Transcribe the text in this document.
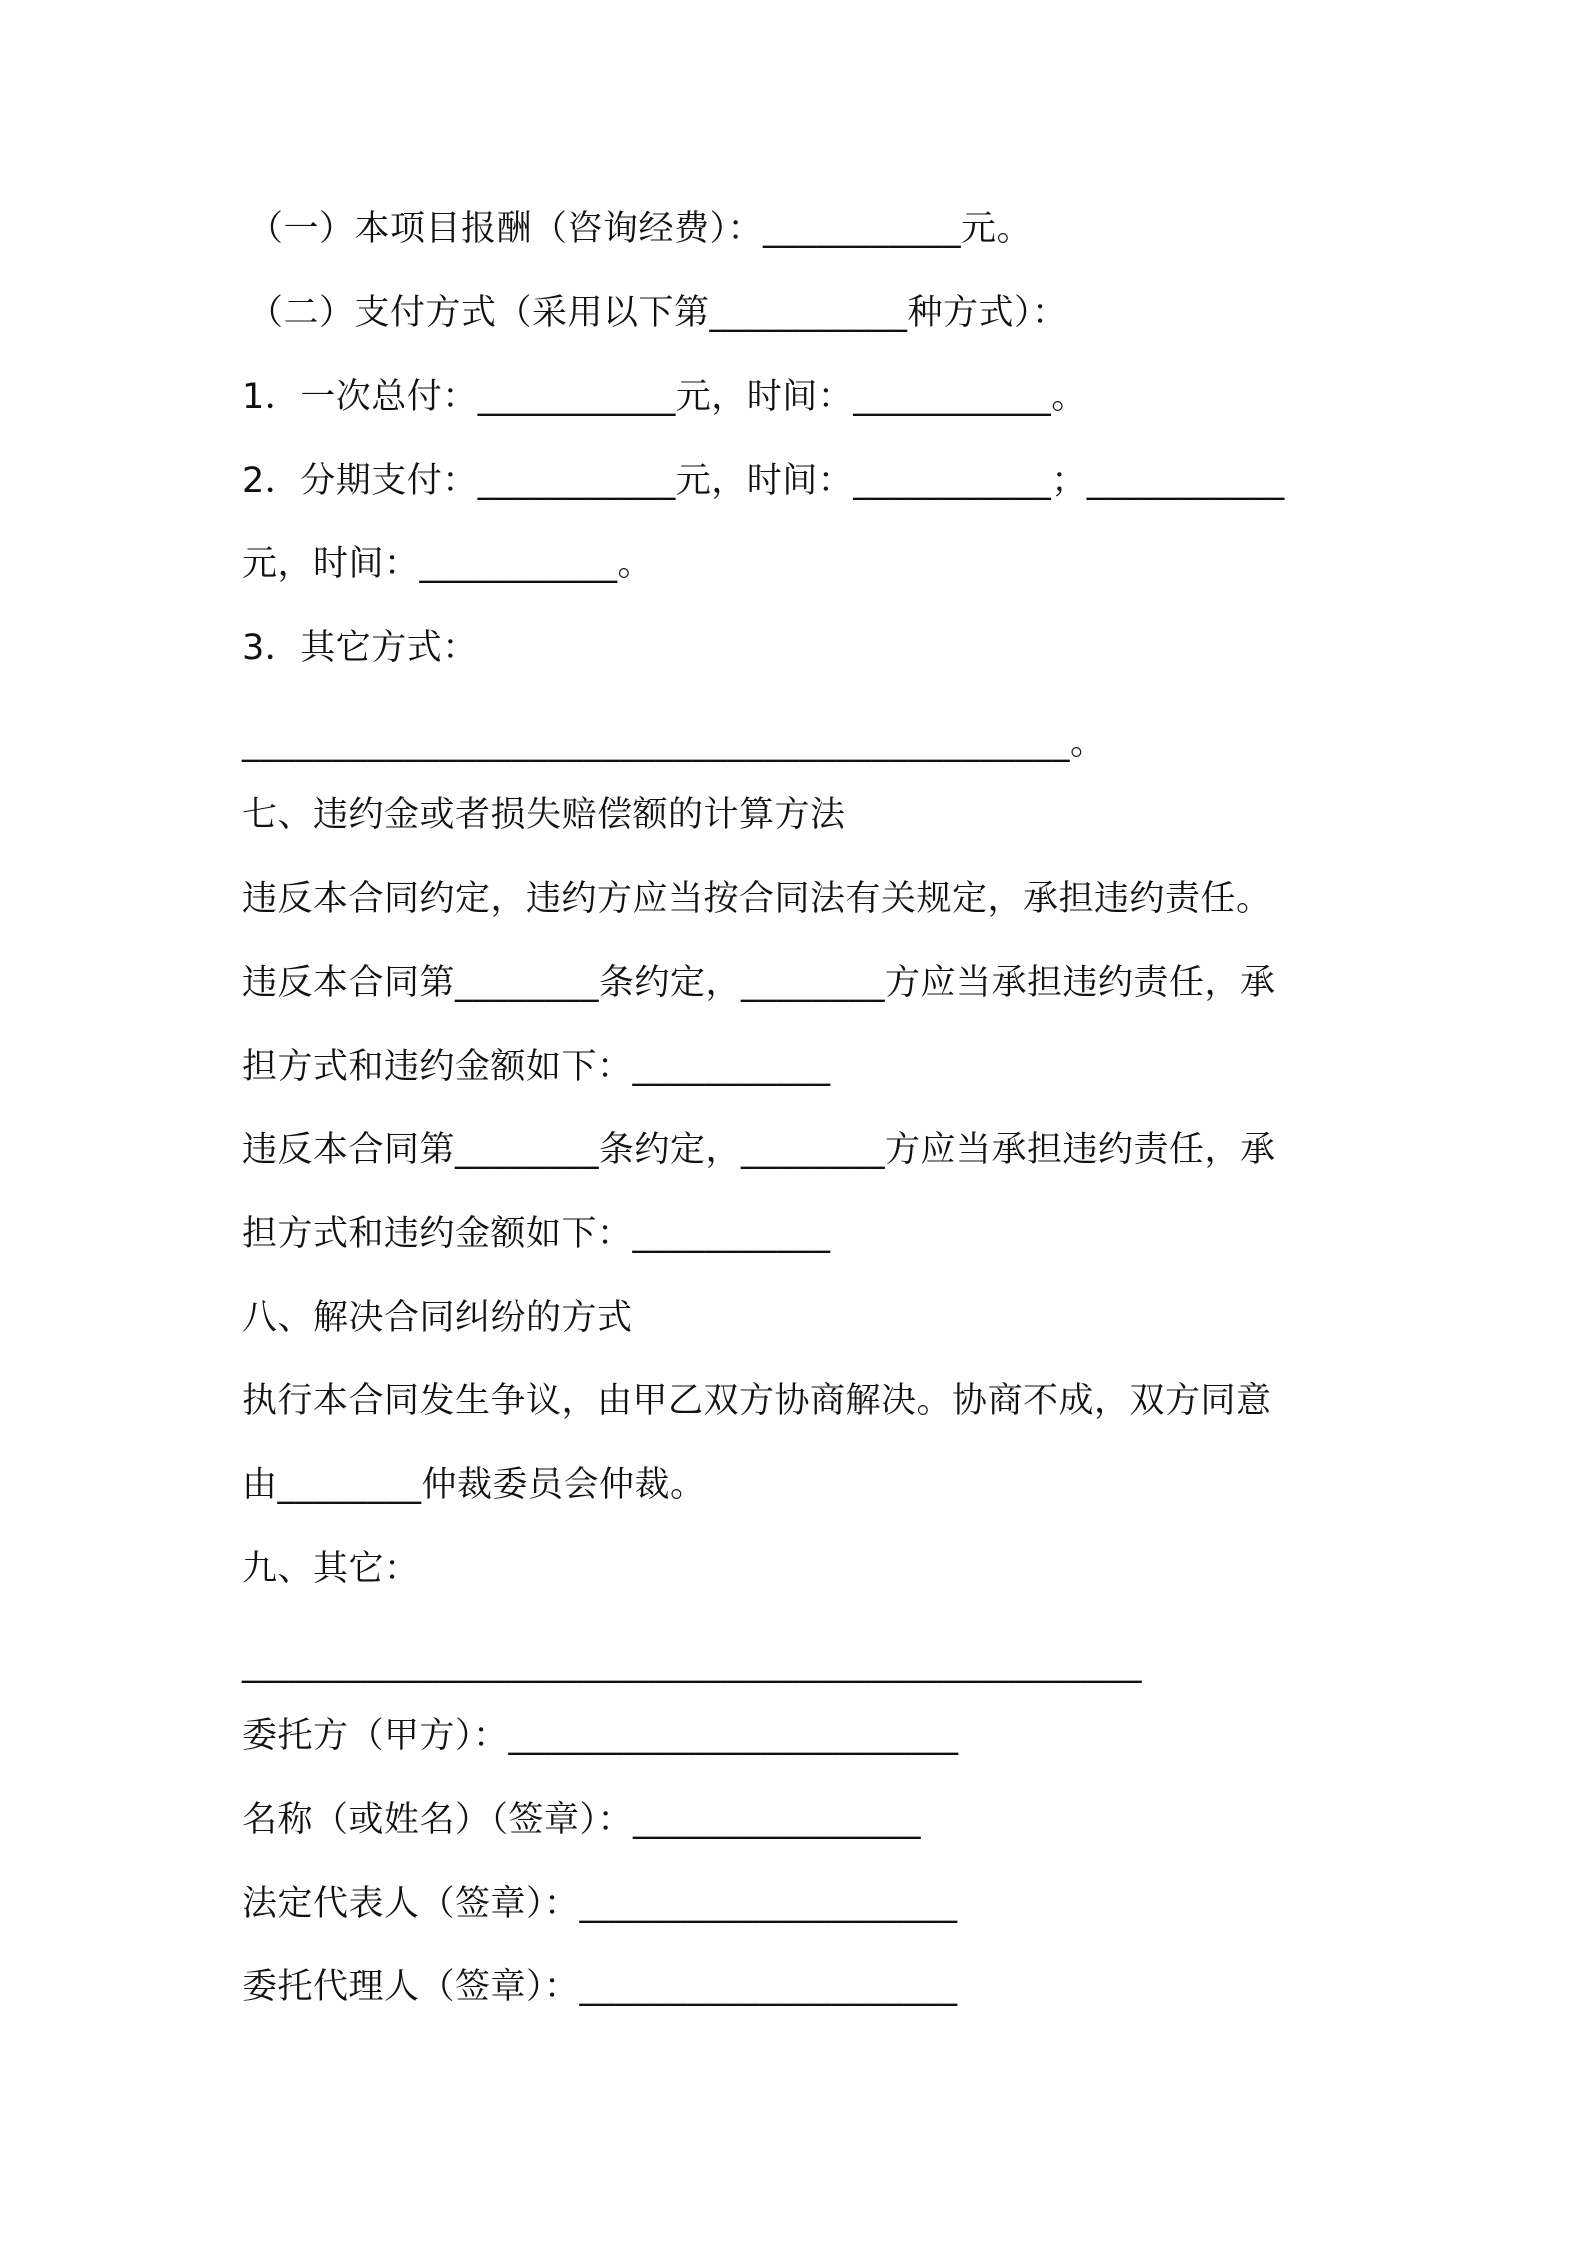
（一）本项目报酬（咨询经费）：___________元。
（二）支付方式（采用以下第___________种方式）：
1．一次总付：___________元，时间：___________。
2．分期支付：___________元，时间：___________；___________
元，时间：___________。
3．其它方式：
______________________________________________。
七、违约金或者损失赔偿额的计算方法
违反本合同约定，违约方应当按合同法有关规定，承担违约责任。
违反本合同第________条约定，________方应当承担违约责任，承
担方式和违约金额如下：___________
违反本合同第________条约定，________方应当承担违约责任，承
担方式和违约金额如下：___________
八、解决合同纠纷的方式
执行本合同发生争议，由甲乙双方协商解决。协商不成，双方同意
由________仲裁委员会仲裁。
九、其它：
__________________________________________________
委托方（甲方）：_________________________
名称（或姓名）（签章）：________________
法定代表人（签章）：_____________________
委托代理人（签章）：_____________________
